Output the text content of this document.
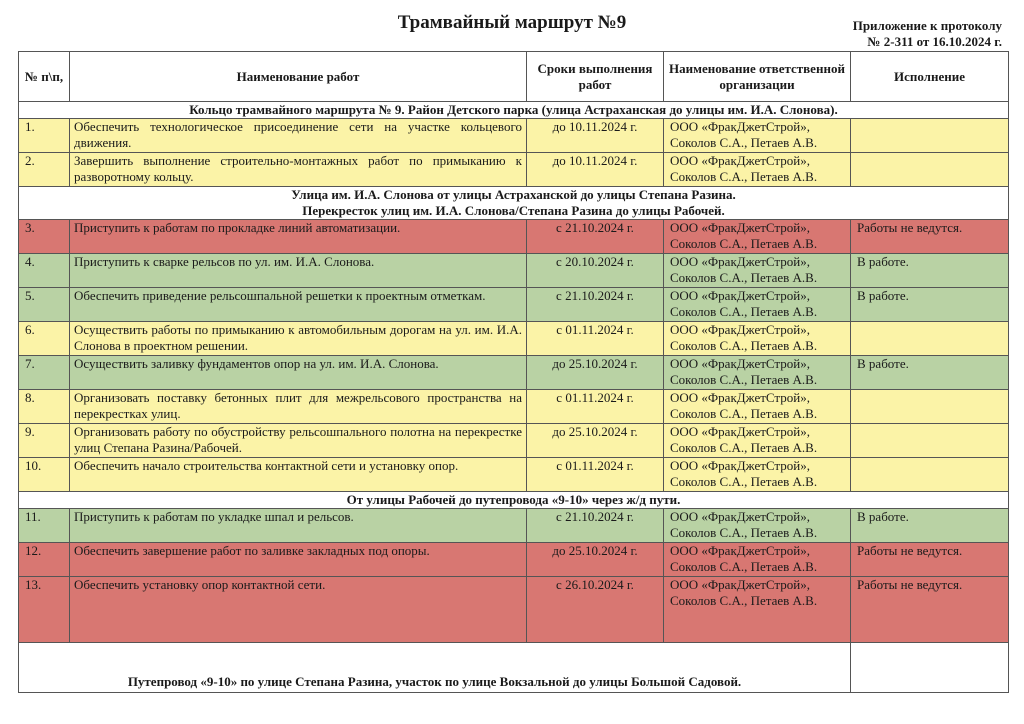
Трамвайный маршрут №9	Приложение к протоколу
№ 2-311 от 16.10.2024 г.
№ п\п,	Наименование работ	Сроки выполнения работ	Наименование ответственной организации	Исполнение

Кольцо трамвайного маршрута № 9. Район Детского парка (улица Астраханская до улицы им. И.А. Слонова).				

1.	Обеспечить технологическое присоединение сети на участке кольцевого движения.	до 10.11.2024 г.	ООО «ФракДжетСтрой»,
Соколов С.А., Петаев А.В.	

2.	Завершить выполнение строительно-монтажных работ по примыканию к разворотному кольцу.	до 10.11.2024 г.	ООО «ФракДжетСтрой»,
Соколов С.А., Петаев А.В.	

Улица им. И.А. Слонова от улицы Астраханской до улицы Степана Разина.
Перекресток улиц им. И.А. Слонова/Степана Разина до улицы Рабочей.				

3.	Приступить к работам по прокладке линий автоматизации.	с 21.10.2024 г.	ООО «ФракДжетСтрой»,
Соколов С.А., Петаев А.В.	Работы не ведутся.
4.	Приступить к сварке рельсов по ул. им. И.А. Слонова.	с 20.10.2024 г.	ООО «ФракДжетСтрой»,
Соколов С.А., Петаев А.В.	В работе.
5.	Обеспечить приведение рельсошпальной решетки к проектным отметкам.	с 21.10.2024 г.	ООО «ФракДжетСтрой»,
Соколов С.А., Петаев А.В.	В работе.
6.	Осуществить работы по примыканию к автомобильным дорогам на ул. им. И.А. Слонова в проектном решении.	с 01.11.2024 г.	ООО «ФракДжетСтрой»,
Соколов С.А., Петаев А.В.	

7.	Осуществить заливку фундаментов опор на ул. им. И.А. Слонова.	до 25.10.2024 г.	ООО «ФракДжетСтрой»,
Соколов С.А., Петаев А.В.	В работе.
8.	Организовать поставку бетонных плит для межрельсового пространства на перекрестках улиц.	с 01.11.2024 г.	ООО «ФракДжетСтрой»,
Соколов С.А., Петаев А.В.	

9.	Организовать работу по обустройству рельсошпального полотна на перекрестке улиц Степана Разина/Рабочей.	до 25.10.2024 г.	ООО «ФракДжетСтрой»,
Соколов С.А., Петаев А.В.	

10.	Обеспечить начало строительства контактной сети и установку опор.	с 01.11.2024 г.	ООО «ФракДжетСтрой»,
Соколов С.А., Петаев А.В.	

От улицы Рабочей до путепровода «9-10» через ж/д пути.				

11.	Приступить к работам по укладке шпал и рельсов.	с 21.10.2024 г.	ООО «ФракДжетСтрой»,
Соколов С.А., Петаев А.В.	В работе.
12.	Обеспечить завершение работ по заливке закладных под опоры.	до 25.10.2024 г.	ООО «ФракДжетСтрой»,
Соколов С.А., Петаев А.В.	Работы не ведутся.
13.	Обеспечить установку опор контактной сети.	с 26.10.2024 г.	ООО «ФракДжетСтрой»,
Соколов С.А., Петаев А.В.	Работы не ведутся.
Путепровод «9-10» по улице Степана Разина, участок по улице Вокзальной до улицы Большой Садовой.				
